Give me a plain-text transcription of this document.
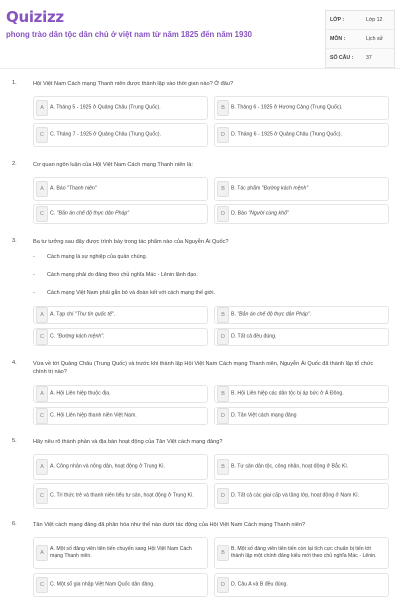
Quizizz
phong trào dân tộc dân chủ ở việt nam từ năm 1825 đến năm 1930
LỚP :	Lớp 12
MÔN :	Lịch sử
SỐ CÂU :	37
1.	Hội Việt Nam Cách mạng Thanh niên được thành lập vào thời gian nào? Ở đâu?
A	A. Tháng 5 - 1925 ở Quảng Châu (Trung Quốc).	B	B. Tháng 6 - 1925 ở Hương Cảng (Trung Quốc).
C	C. Tháng 7 - 1925 ở Quảng Châu (Trung Quốc).	D	D. Tháng 6 - 1925 ở Quảng Châu (Trung Quốc).
2.	Cơ quan ngôn luận của Hội Việt Nam Cách mạng Thanh niên là:
A	A. Báo "Thanh niên"	B	B. Tác phẩm "Đường kách mệnh"
C	C. "Bản án chế độ thực dân Pháp"	D	D. Báo "Người cùng khổ"
3.	Ba tư tưởng sau đây được trình bày trong tác phẩm nào của Nguyễn Ái Quốc?
- Cách mạng là sự nghiệp của quần chúng.
- Cách mạng phải do đảng theo chủ nghĩa Mác - Lênin lãnh đạo.
- Cách mạng Việt Nam phải gắn bó và đoàn kết với cách mạng thế giới.
A	A. Tạp chí "Thư tín quốc tế".	B	B. "Bản án chế độ thực dân Pháp".
C	C. "Đường kách mệnh".	D	D. Tất cả đều đúng.
4.	Vừa về tới Quảng Châu (Trung Quốc) và trước khi thành lập Hội Việt Nam Cách mạng Thanh niên, Nguyễn Ái Quốc đã thành lập tổ chức chính trị nào?
A	A. Hội Liên hiệp thuộc địa.	B	B. Hội Liên hiệp các dân tộc bị áp bức ở Á Đông.
C	C. Hội Liên hiệp thanh niên Việt Nam.	D	D. Tân Việt cách mạng đảng
5.	Hãy nêu rõ thành phần và địa bàn hoạt động của Tân Việt cách mạng đảng?
A	A. Công nhân và nông dân, hoạt động ở Trung Kì.	B	B. Tư sản dân tộc, công nhân, hoạt động ở Bắc Kì.
C	C. Trí thức trẻ và thanh niên tiểu tư sản, hoạt động ở Trung Kì.	D	D. Tất cả các giai cấp và tầng lớp, hoạt động ở Nam Kì.
6.	Tân Việt cách mạng đảng đã phân hóa như thế nào dưới tác động của Hội Việt Nam Cách mạng Thanh niên?
A
A. Một số đảng viên tiên tiến chuyển sang Hội Việt Nam Cách mạng Thanh niên.	B
B. Một số đảng viên tiên tiến còn lại tích cực chuẩn bị tiến tới thành lập một chính đảng kiểu mới theo chủ nghĩa Mác - Lênin.
C	C. Một số gia nhập Việt Nam Quốc dân đảng.	D	D. Câu A và B đều đúng.
